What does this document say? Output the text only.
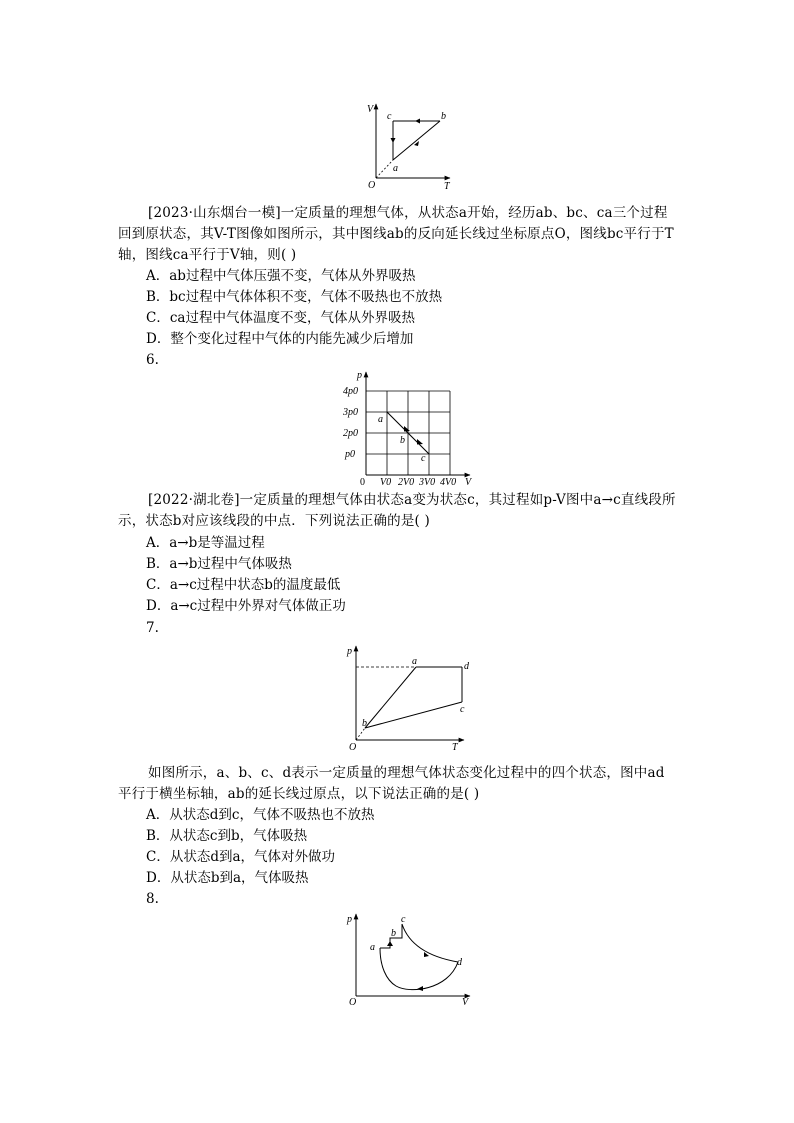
V
T
O
a
b
c

[2023·山东烟台一模]一定质量的理想气体，从状态a开始，经历ab、bc、ca三个过程回到原状态，其V-T图像如图所示，其中图线ab的反向延长线过坐标原点O，图线bc平行于T轴，图线ca平行于V轴，则( )

A．ab过程中气体压强不变，气体从外界吸热
B．bc过程中气体体积不变，气体不吸热也不放热
C．ca过程中气体温度不变，气体从外界吸热
D．整个变化过程中气体的内能先减少后增加
6.
p
V
0
4p0
3p0
2p0
p0
V0 2V0 3V0 4V0
a
b
c

[2022·湖北卷]一定质量的理想气体由状态a变为状态c，其过程如p-V图中a→c直线段所示，状态b对应该线段的中点．下列说法正确的是( )

A．a→b是等温过程
B．a→b过程中气体吸热
C．a→c过程中状态b的温度最低
D．a→c过程中外界对气体做正功
7.
p
T
O
a
b
c
d

如图所示，a、b、c、d表示一定质量的理想气体状态变化过程中的四个状态，图中ad平行于横坐标轴，ab的延长线过原点，以下说法正确的是( )

A．从状态d到c，气体不吸热也不放热
B．从状态c到b，气体吸热
C．从状态d到a，气体对外做功
D．从状态b到a，气体吸热
8.
p
V
O
a
b
c
d
